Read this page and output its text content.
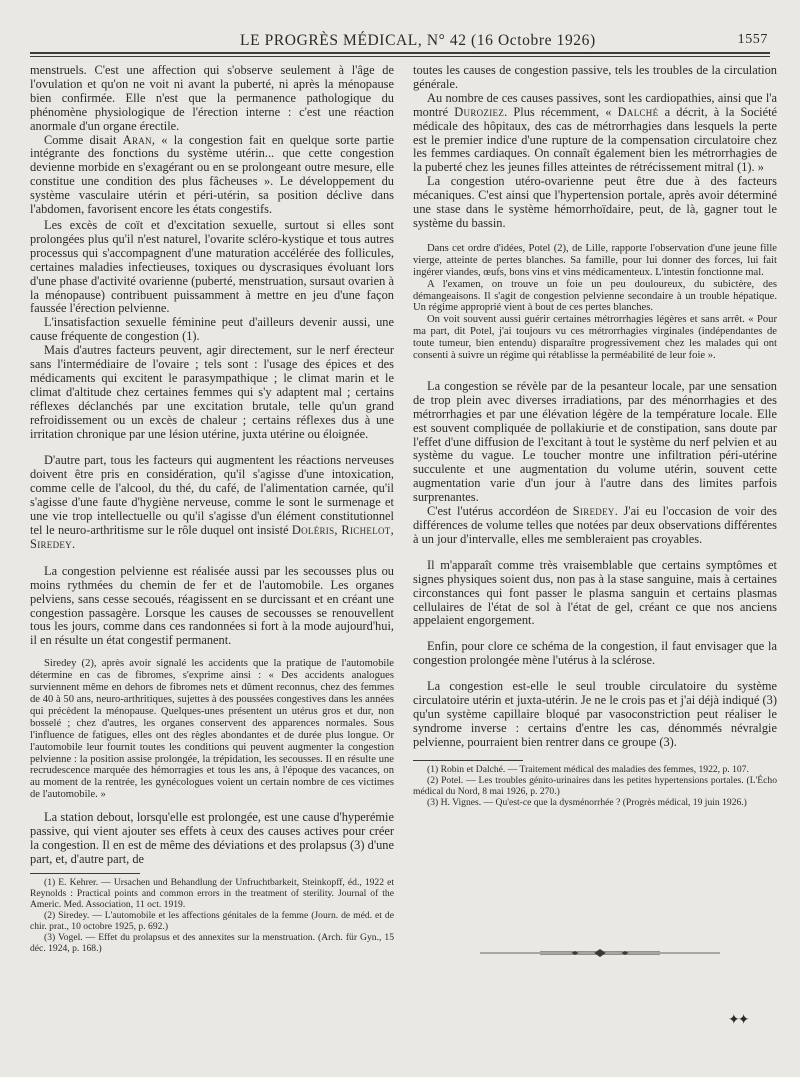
LE PROGRÈS MÉDICAL, N° 42 (16 Octobre 1926)	1557

menstruels. C'est une affection qui s'observe seulement à l'âge de l'ovulation et qu'on ne voit ni avant la puberté, ni après la ménopause bien confirmée. Elle n'est que la permanence pathologique du phénomène physiologique de l'érection interne : c'est une réaction anormale d'un organe érectile.

Comme disait Aran, « la congestion fait en quelque sorte partie intégrante des fonctions du système utérin... que cette congestion devienne morbide en s'exagérant ou en se prolongeant outre mesure, elle constitue une condition des plus fâcheuses ». Le développement du système vasculaire utérin et péri-utérin, sa position déclive dans l'abdomen, favorisent encore les états congestifs.

Les excès de coït et d'excitation sexuelle, surtout si elles sont prolongées plus qu'il n'est naturel, l'ovarite scléro-kystique et tous autres processus qui s'accompagnent d'une maturation accélérée des follicules, certaines maladies infectieuses, toxiques ou dyscrasiques évoluant lors d'une phase d'activité ovarienne (puberté, menstruation, sursaut ovarien à la ménopause) contribuent puissamment à mettre en jeu d'une façon faussée l'érection pelvienne.

L'insatisfaction sexuelle féminine peut d'ailleurs devenir aussi, une cause fréquente de congestion (1).

Mais d'autres facteurs peuvent, agir directement, sur le nerf érecteur sans l'intermédiaire de l'ovaire ; tels sont : l'usage des épices et des médicaments qui excitent le parasympathique ; le climat marin et le climat d'altitude chez certaines femmes qui s'y adaptent mal ; certains réflexes déclanchés par une excitation brutale, telle qu'un grand refroidissement ou un excès de chaleur ; certains réflexes dus à une irritation chronique par une lésion utérine, juxta utérine ou éloignée.

D'autre part, tous les facteurs qui augmentent les réactions nerveuses doivent être pris en considération, qu'il s'agisse d'une intoxication, comme celle de l'alcool, du thé, du café, de l'alimentation carnée, qu'il s'agisse d'une faute d'hygiène nerveuse, comme le sont le surmenage et une vie trop intellectuelle ou qu'il s'agisse d'un élément constitutionnel tel le neuro-arthritisme sur le rôle duquel ont insisté Doléris, Richelot, Siredey.

La congestion pelvienne est réalisée aussi par les secousses plus ou moins rythmées du chemin de fer et de l'automobile. Les organes pelviens, sans cesse secoués, réagissent en se durcissant et en créant une congestion passagère. Lorsque les causes de secousses se renouvellent tous les jours, comme dans ces randonnées si fort à la mode aujourd'hui, il en résulte un état congestif permanent.

Siredey (2), après avoir signalé les accidents que la pratique de l'automobile détermine en cas de fibromes, s'exprime ainsi : « Des accidents analogues surviennent même en dehors de fibromes nets et dûment reconnus, chez des femmes de 40 à 50 ans, neuro-arthritiques, sujettes à des poussées congestives dans les années qui précèdent la ménopause. Quelques-unes présentent un utérus gros et dur, non bosselé ; chez d'autres, les organes conservent des apparences normales. Sous l'influence de fatigues, elles ont des règles abondantes et de durée plus longue. Or l'automobile leur fournit toutes les conditions qui peuvent augmenter la congestion pelvienne : la position assise prolongée, la trépidation, les secousses. Il en résulte une recrudescence marquée des hémorragies et tous les ans, à l'époque des vacances, on au moment de la rentrée, les gynécologues voient un certain nombre de ces victimes de l'automobile. »

La station debout, lorsqu'elle est prolongée, est une cause d'hyperémie passive, qui vient ajouter ses effets à ceux des causes actives pour créer la congestion. Il en est de même des déviations et des prolapsus (3) d'une part, et, d'autre part, de

(1) E. Kehrer. — Ursachen und Behandlung der Unfruchtbarkeit, Steinkopff, éd., 1922 et Reynolds : Practical points and common errors in the treatment of sterility. Journal of the Americ. Med. Association, 11 oct. 1919.

(2) Siredey. — L'automobile et les affections génitales de la femme (Journ. de méd. et de chir. prat., 10 octobre 1925, p. 692.)

(3) Vogel. — Effet du prolapsus et des annexites sur la menstruation. (Arch. für Gyn., 15 déc. 1924, p. 168.)

toutes les causes de congestion passive, tels les troubles de la circulation générale.

Au nombre de ces causes passives, sont les cardiopathies, ainsi que l'a montré Duroziez. Plus récemment, « Dalché a décrit, à la Société médicale des hôpitaux, des cas de métrorrhagies dans lesquels la perte est le premier indice d'une rupture de la compensation circulatoire chez les femmes cardiaques. On connaît également bien les métrorrhagies de la puberté chez les jeunes filles atteintes de rétrécissement mitral (1). »

La congestion utéro-ovarienne peut être due à des facteurs mécaniques. C'est ainsi que l'hypertension portale, après avoir déterminé une stase dans le système hémorrhoïdaire, peut, de là, gagner tout le système du bassin.

Dans cet ordre d'idées, Potel (2), de Lille, rapporte l'observation d'une jeune fille vierge, atteinte de pertes blanches. Sa famille, pour lui donner des forces, lui fait ingérer viandes, œufs, bons vins et vins médicamenteux. L'intestin fonctionne mal.

A l'examen, on trouve un foie un peu douloureux, du subictère, des démangeaisons. Il s'agit de congestion pelvienne secondaire à un trouble hépatique. Un régime approprié vient à bout de ces pertes blanches.

On voit souvent aussi guérir certaines métrorrhagies légères et sans arrêt. « Pour ma part, dit Potel, j'ai toujours vu ces métrorrhagies virginales (indépendantes de toute tumeur, bien entendu) disparaître progressivement chez les malades qui ont consenti à suivre un régime qui rétablisse la perméabilité de leur foie ».

La congestion se révèle par de la pesanteur locale, par une sensation de trop plein avec diverses irradiations, par des ménorrhagies et des métrorrhagies et par une élévation légère de la température locale. Elle est souvent compliquée de pollakiurie et de constipation, sans doute par l'effet d'une diffusion de l'excitant à tout le système du nerf pelvien et au système du vague. Le toucher montre une infiltration péri-utérine succulente et une augmentation du volume utérin, souvent cette augmentation varie d'un jour à l'autre dans des limites parfois surprenantes.

C'est l'utérus accordéon de Siredey. J'ai eu l'occasion de voir des différences de volume telles que notées par deux observations différentes à un jour d'intervalle, elles me sembleraient pas croyables.

Il m'apparaît comme très vraisemblable que certains symptômes et signes physiques soient dus, non pas à la stase sanguine, mais à certaines circonstances qui font passer le plasma sanguin et certains plasmas cellulaires de l'état de sol à l'état de gel, créant ce que nos anciens appelaient engorgement.

Enfin, pour clore ce schéma de la congestion, il faut envisager que la congestion prolongée mène l'utérus à la sclérose.

La congestion est-elle le seul trouble circulatoire du système circulatoire utérin et juxta-utérin. Je ne le crois pas et j'ai déjà indiqué (3) qu'un système capillaire bloqué par vasoconstriction peut réaliser le syndrome inverse : certains d'entre les cas, dénommés névralgie pelvienne, pourraient bien rentrer dans ce groupe (3).

(1) Robin et Dalché. — Traitement médical des maladies des femmes, 1922, p. 107.

(2) Potel. — Les troubles génito-urinaires dans les petites hypertensions portales. (L'Écho médical du Nord, 8 mai 1926, p. 270.)

(3) H. Vignes. — Qu'est-ce que la dysménorrhée ? (Progrès médical, 19 juin 1926.)

✦✦
